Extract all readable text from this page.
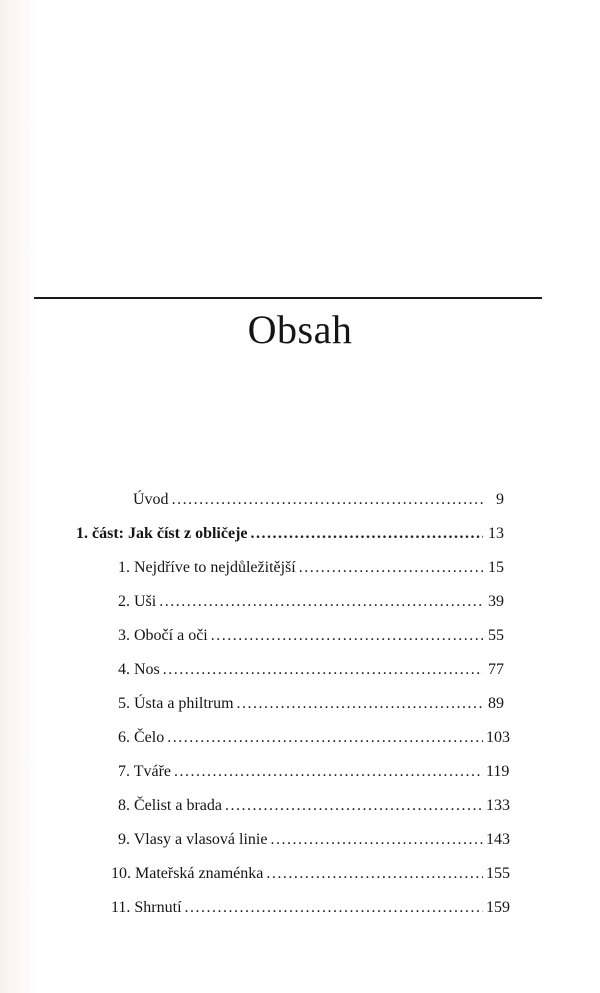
Obsah
Úvod .....	9
1. část: Jak číst z obličeje .....	13
1. Nejdříve to nejdůležitější .....	15
2. Uši .....	39
3. Obočí a oči .....	55
4. Nos .....	77
5. Ústa a philtrum .....	89
6. Čelo .....	103
7. Tváře .....	119
8. Čelist a brada .....	133
9. Vlasy a vlasová linie .....	143
10. Mateřská znaménka .....	155
11. Shrnutí .....	159
